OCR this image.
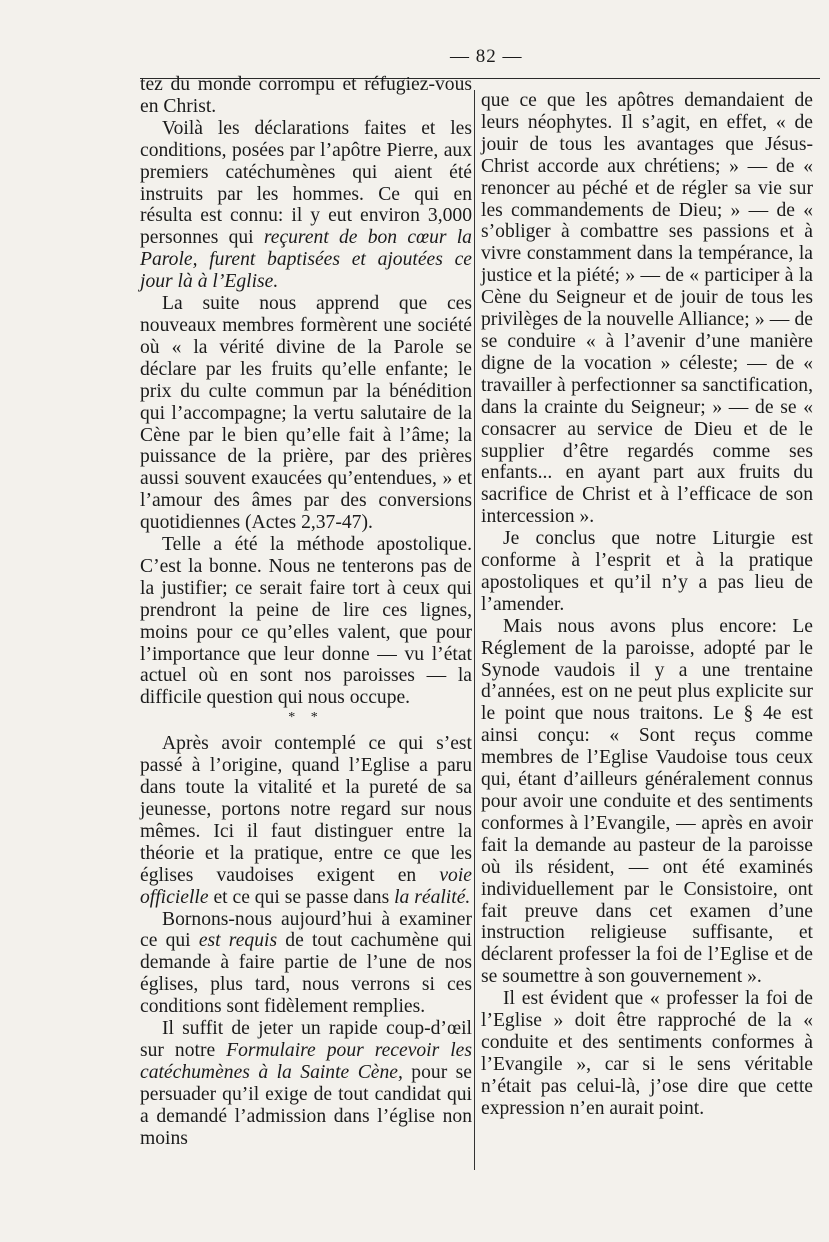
— 82 —

tez du monde corrompu et réfugiez-vous en Christ.

Voilà les déclarations faites et les conditions, posées par l’apôtre Pierre, aux premiers catéchumènes qui aient été instruits par les hommes. Ce qui en résulta est connu: il y eut environ 3,000 personnes qui reçurent de bon cœur la Parole, furent baptisées et ajoutées ce jour là à l’Eglise.

La suite nous apprend que ces nouveaux membres formèrent une société où « la vérité divine de la Parole se déclare par les fruits qu’elle enfante; le prix du culte commun par la bénédition qui l’accompagne; la vertu salutaire de la Cène par le bien qu’elle fait à l’âme; la puissance de la prière, par des prières aussi souvent exaucées qu’entendues, » et l’amour des âmes par des conversions quotidiennes (Actes 2,37-47).

Telle a été la méthode apostolique. C’est la bonne. Nous ne tenterons pas de la justifier; ce serait faire tort à ceux qui prendront la peine de lire ces lignes, moins pour ce qu’elles valent, que pour l’importance que leur donne — vu l’état actuel où en sont nos paroisses — la difficile question qui nous occupe.

* *

Après avoir contemplé ce qui s’est passé à l’origine, quand l’Eglise a paru dans toute la vitalité et la pureté de sa jeunesse, portons notre regard sur nous mêmes. Ici il faut distinguer entre la théorie et la pratique, entre ce que les églises vaudoises exigent en voie officielle et ce qui se passe dans la réalité.

Bornons-nous aujourd’hui à examiner ce qui est requis de tout cachumène qui demande à faire partie de l’une de nos églises, plus tard, nous verrons si ces conditions sont fidèlement remplies.

Il suffit de jeter un rapide coup-d’œil sur notre Formulaire pour recevoir les catéchumènes à la Sainte Cène, pour se persuader qu’il exige de tout candidat qui a demandé l’admission dans l’église non moins

que ce que les apôtres demandaient de leurs néophytes. Il s’agit, en effet, « de jouir de tous les avantages que Jésus-Christ accorde aux chrétiens; » — de « renoncer au péché et de régler sa vie sur les commandements de Dieu; » — de « s’obliger à combattre ses passions et à vivre constamment dans la tempérance, la justice et la piété; » — de « participer à la Cène du Seigneur et de jouir de tous les privilèges de la nouvelle Alliance; » — de se conduire « à l’avenir d’une manière digne de la vocation » céleste; — de « travailler à perfectionner sa sanctification, dans la crainte du Seigneur; » — de se « consacrer au service de Dieu et de le supplier d’être regardés comme ses enfants... en ayant part aux fruits du sacrifice de Christ et à l’efficace de son intercession ».

Je conclus que notre Liturgie est conforme à l’esprit et à la pratique apostoliques et qu’il n’y a pas lieu de l’amender.

Mais nous avons plus encore: Le Réglement de la paroisse, adopté par le Synode vaudois il y a une trentaine d’années, est on ne peut plus explicite sur le point que nous traitons. Le § 4e est ainsi conçu: « Sont reçus comme membres de l’Eglise Vaudoise tous ceux qui, étant d’ailleurs généralement connus pour avoir une conduite et des sentiments conformes à l’Evangile, — après en avoir fait la demande au pasteur de la paroisse où ils résident, — ont été examinés individuellement par le Consistoire, ont fait preuve dans cet examen d’une instruction religieuse suffisante, et déclarent professer la foi de l’Eglise et de se soumettre à son gouvernement ».

Il est évident que « professer la foi de l’Eglise » doit être rapproché de la « conduite et des sentiments conformes à l’Evangile », car si le sens véritable n’était pas celui-là, j’ose dire que cette expression n’en aurait point.
